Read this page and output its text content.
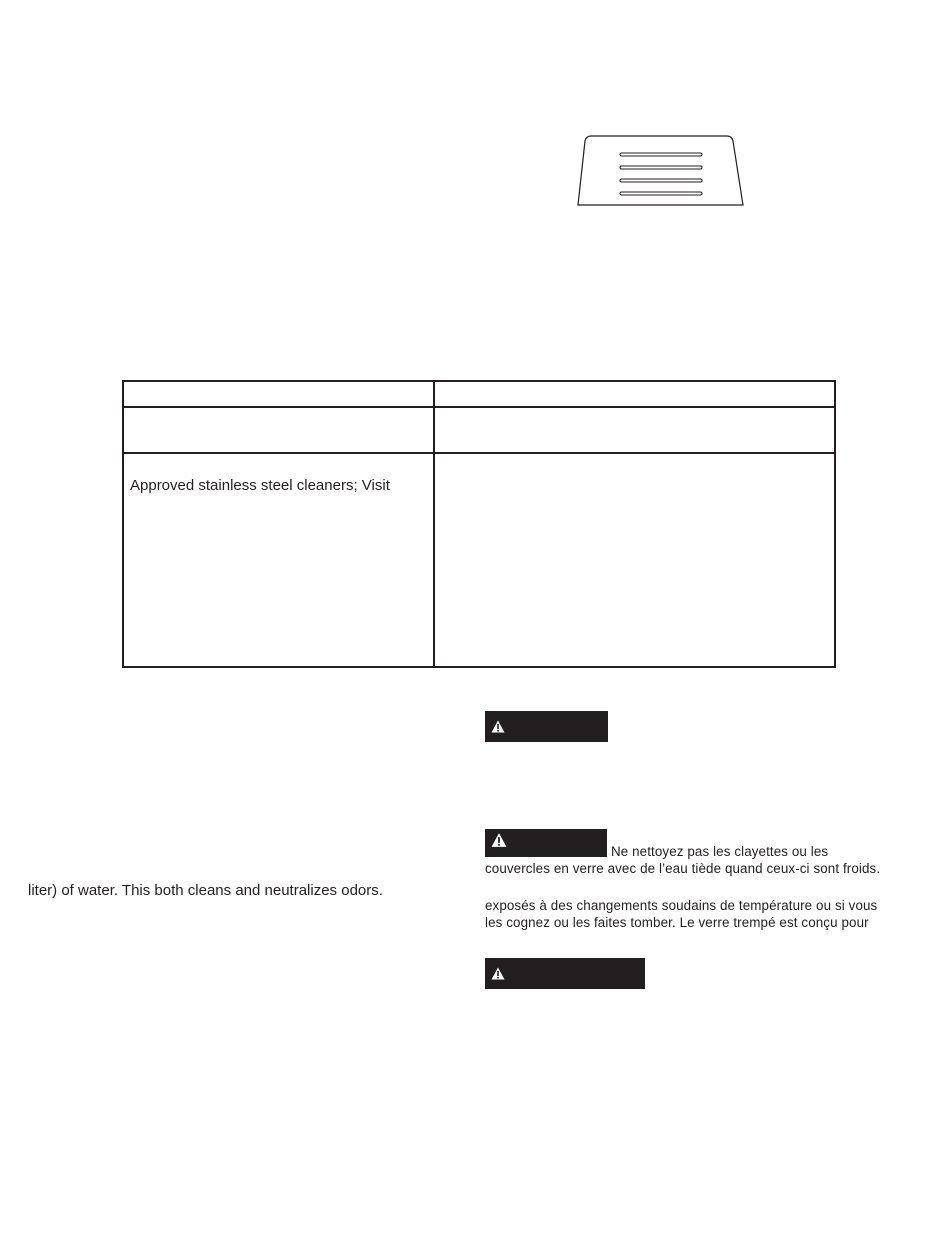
Approved stainless steel cleaners; Visit
liter) of water. This both cleans and neutralizes odors.
Ne nettoyez pas les clayettes ou les
couvercles en verre avec de l’eau tiède quand ceux-ci sont froids.
exposés à des changements soudains de température ou si vous
les cognez ou les faites tomber. Le verre trempé est conçu pour
